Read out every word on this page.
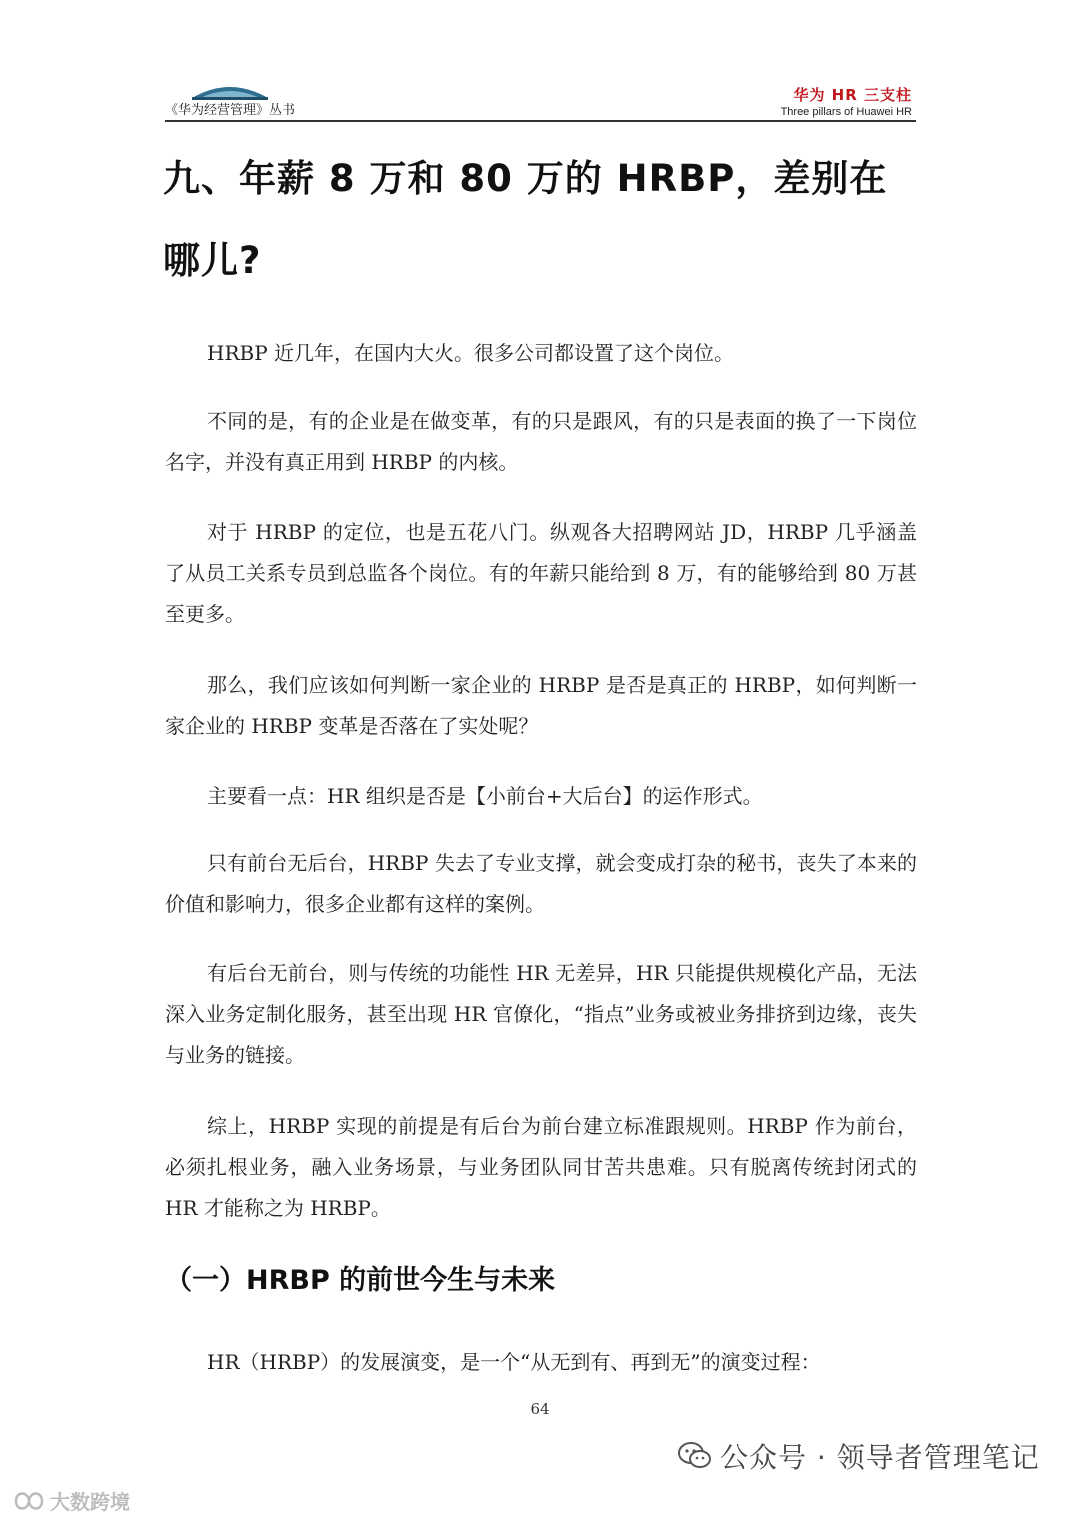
《华为经营管理》丛书
华为 HR 三支柱
Three pillars of Huawei HR
九、年薪 8 万和 80 万的 HRBP，差别在哪儿?

HRBP 近几年，在国内大火。很多公司都设置了这个岗位。

不同的是，有的企业是在做变革，有的只是跟风，有的只是表面的换了一下岗位名字，并没有真正用到 HRBP 的内核。

对于 HRBP 的定位，也是五花八门。纵观各大招聘网站 JD，HRBP 几乎涵盖了从员工关系专员到总监各个岗位。有的年薪只能给到 8 万，有的能够给到 80 万甚至更多。

那么，我们应该如何判断一家企业的 HRBP 是否是真正的 HRBP，如何判断一家企业的 HRBP 变革是否落在了实处呢？

主要看一点：HR 组织是否是【小前台+大后台】的运作形式。

只有前台无后台，HRBP 失去了专业支撑，就会变成打杂的秘书，丧失了本来的价值和影响力，很多企业都有这样的案例。

有后台无前台，则与传统的功能性 HR 无差异，HR 只能提供规模化产品，无法深入业务定制化服务，甚至出现 HR 官僚化，“指点”业务或被业务排挤到边缘，丧失与业务的链接。

综上，HRBP 实现的前提是有后台为前台建立标准跟规则。HRBP 作为前台，必须扎根业务，融入业务场景，与业务团队同甘苦共患难。只有脱离传统封闭式的 HR 才能称之为 HRBP。

（一）HRBP 的前世今生与未来

HR（HRBP）的发展演变，是一个“从无到有、再到无”的演变过程：

64
公众号 · 领导者管理笔记
大数跨境
